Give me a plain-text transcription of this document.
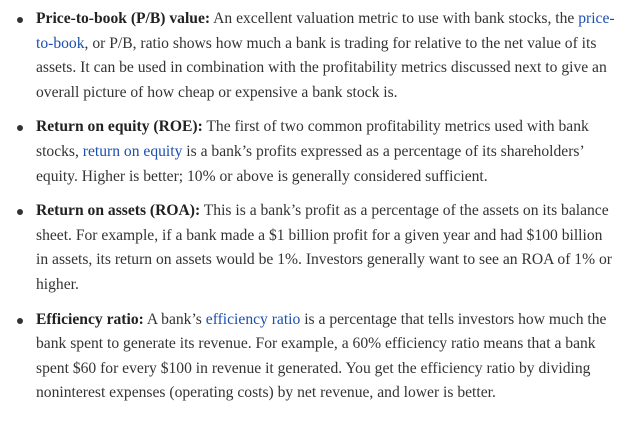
Price-to-book (P/B) value: An excellent valuation metric to use with bank stocks, the price-to-book, or P/B, ratio shows how much a bank is trading for relative to the net value of its assets. It can be used in combination with the profitability metrics discussed next to give an overall picture of how cheap or expensive a bank stock is.
Return on equity (ROE): The first of two common profitability metrics used with bank stocks, return on equity is a bank’s profits expressed as a percentage of its shareholders’ equity. Higher is better; 10% or above is generally considered sufficient.
Return on assets (ROA): This is a bank’s profit as a percentage of the assets on its balance sheet. For example, if a bank made a $1 billion profit for a given year and had $100 billion in assets, its return on assets would be 1%. Investors generally want to see an ROA of 1% or higher.
Efficiency ratio: A bank’s efficiency ratio is a percentage that tells investors how much the bank spent to generate its revenue. For example, a 60% efficiency ratio means that a bank spent $60 for every $100 in revenue it generated. You get the efficiency ratio by dividing noninterest expenses (operating costs) by net revenue, and lower is better.
